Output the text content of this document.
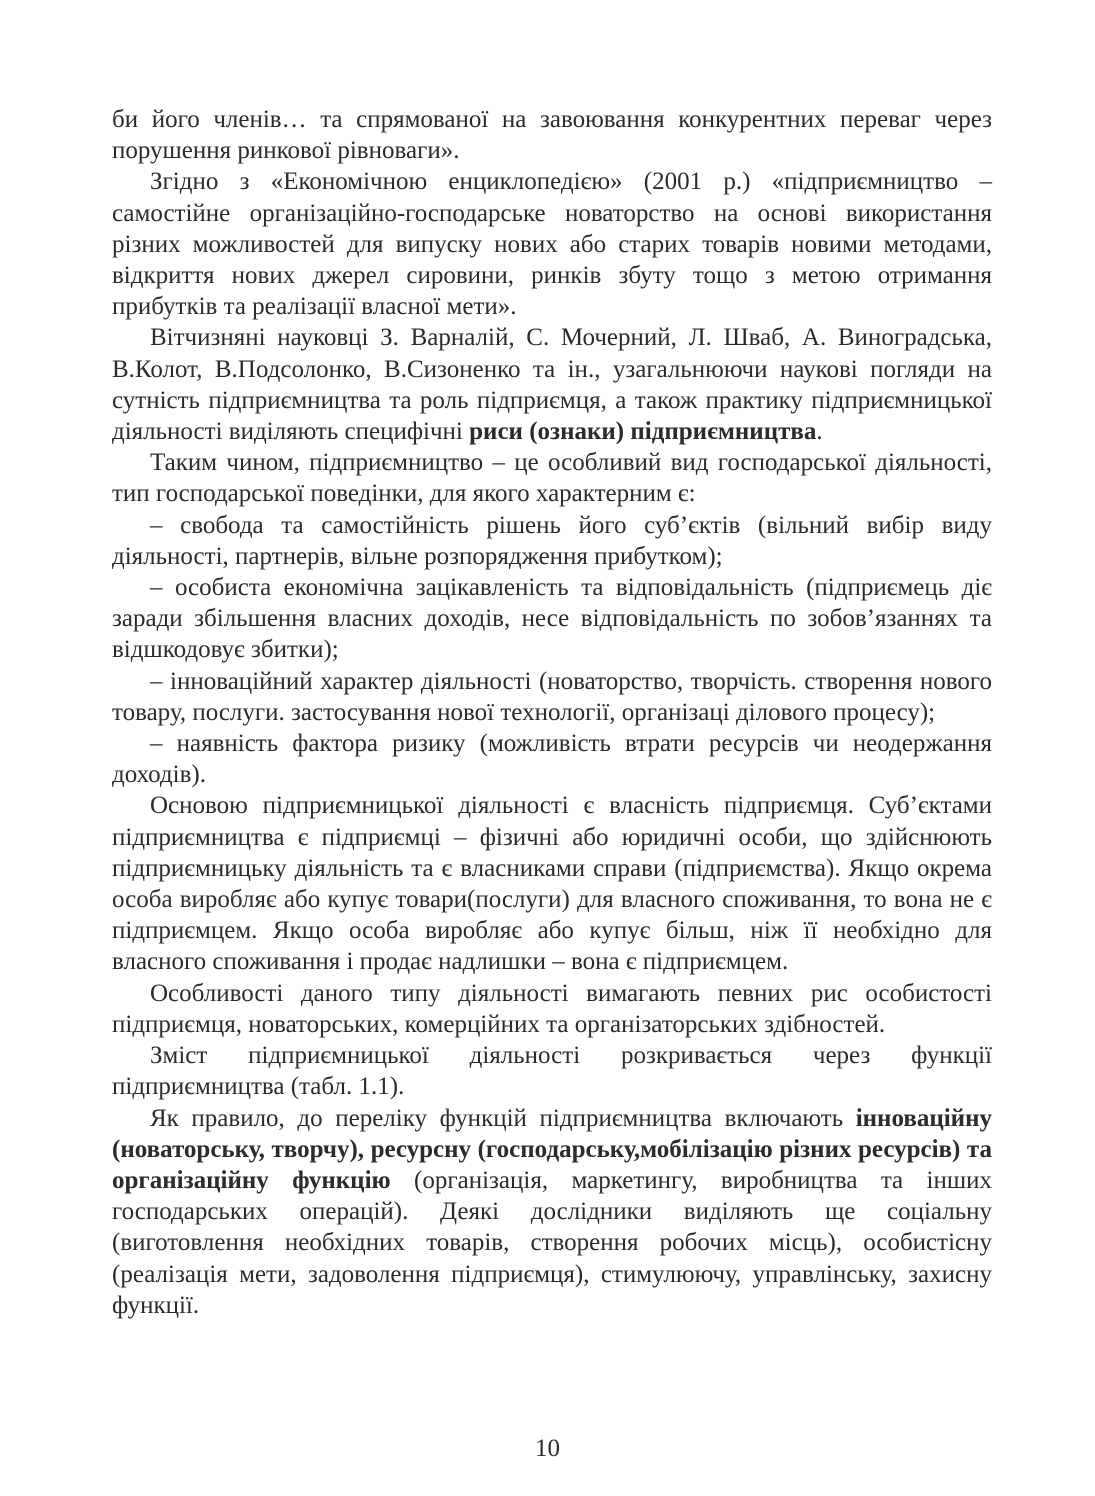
би його членів… та спрямованої на завоювання конкурентних переваг через порушення ринкової рівноваги».

Згідно з «Економічною енциклопедією» (2001 р.) «підприємництво – самостійне організаційно-господарське новаторство на основі використання різних можливостей для випуску нових або старих товарів новими методами, відкриття нових джерел сировини, ринків збуту тощо з метою отримання прибутків та реалізації власної мети».

Вітчизняні науковці З. Варналій, С. Мочерний, Л. Шваб, А. Виноградська, В.Колот, В.Подсолонко, В.Сизоненко та ін., узагальнюючи наукові погляди на сутність підприємництва та роль підприємця, а також практику підприємницької діяльності виділяють специфічні риси (ознаки) підприємництва.

Таким чином, підприємництво – це особливий вид господарської діяльності, тип господарської поведінки, для якого характерним є:

– свобода та самостійність рішень його суб’єктів (вільний вибір виду діяльності, партнерів, вільне розпорядження прибутком);

– особиста економічна зацікавленість та відповідальність (підприємець діє заради збільшення власних доходів, несе відповідальність по зобов’язаннях та відшкодовує збитки);

– інноваційний характер діяльності (новаторство, творчість. створення нового товару, послуги. застосування нової технології, організаці ділового процесу);

– наявність фактора ризику (можливість втрати ресурсів чи неодержання доходів).

Основою підприємницької діяльності є власність підприємця. Суб’єктами підприємництва є підприємці – фізичні або юридичні особи, що здійснюють підприємницьку діяльність та є власниками справи (підприємства). Якщо окрема особа виробляє або купує товари(послуги) для власного споживання, то вона не є підприємцем. Якщо особа виробляє або купує більш, ніж її необхідно для власного споживання і продає надлишки – вона є підприємцем.

Особливості даного типу діяльності вимагають певних рис особистості підприємця, новаторських, комерційних та організаторських здібностей.

Зміст підприємницької діяльності розкривається через функції підприємництва (табл. 1.1).

Як правило, до переліку функцій підприємництва включають інноваційну (новаторську, творчу), ресурсну (господарську,мобілізацію різних ресурсів) та організаційну функцію (організація, маркетингу, виробництва та інших господарських операцій). Деякі дослідники виділяють ще соціальну (виготовлення необхідних товарів, створення робочих місць), особистісну (реалізація мети, задоволення підприємця), стимулюючу, управлінську, захисну функції.

10
